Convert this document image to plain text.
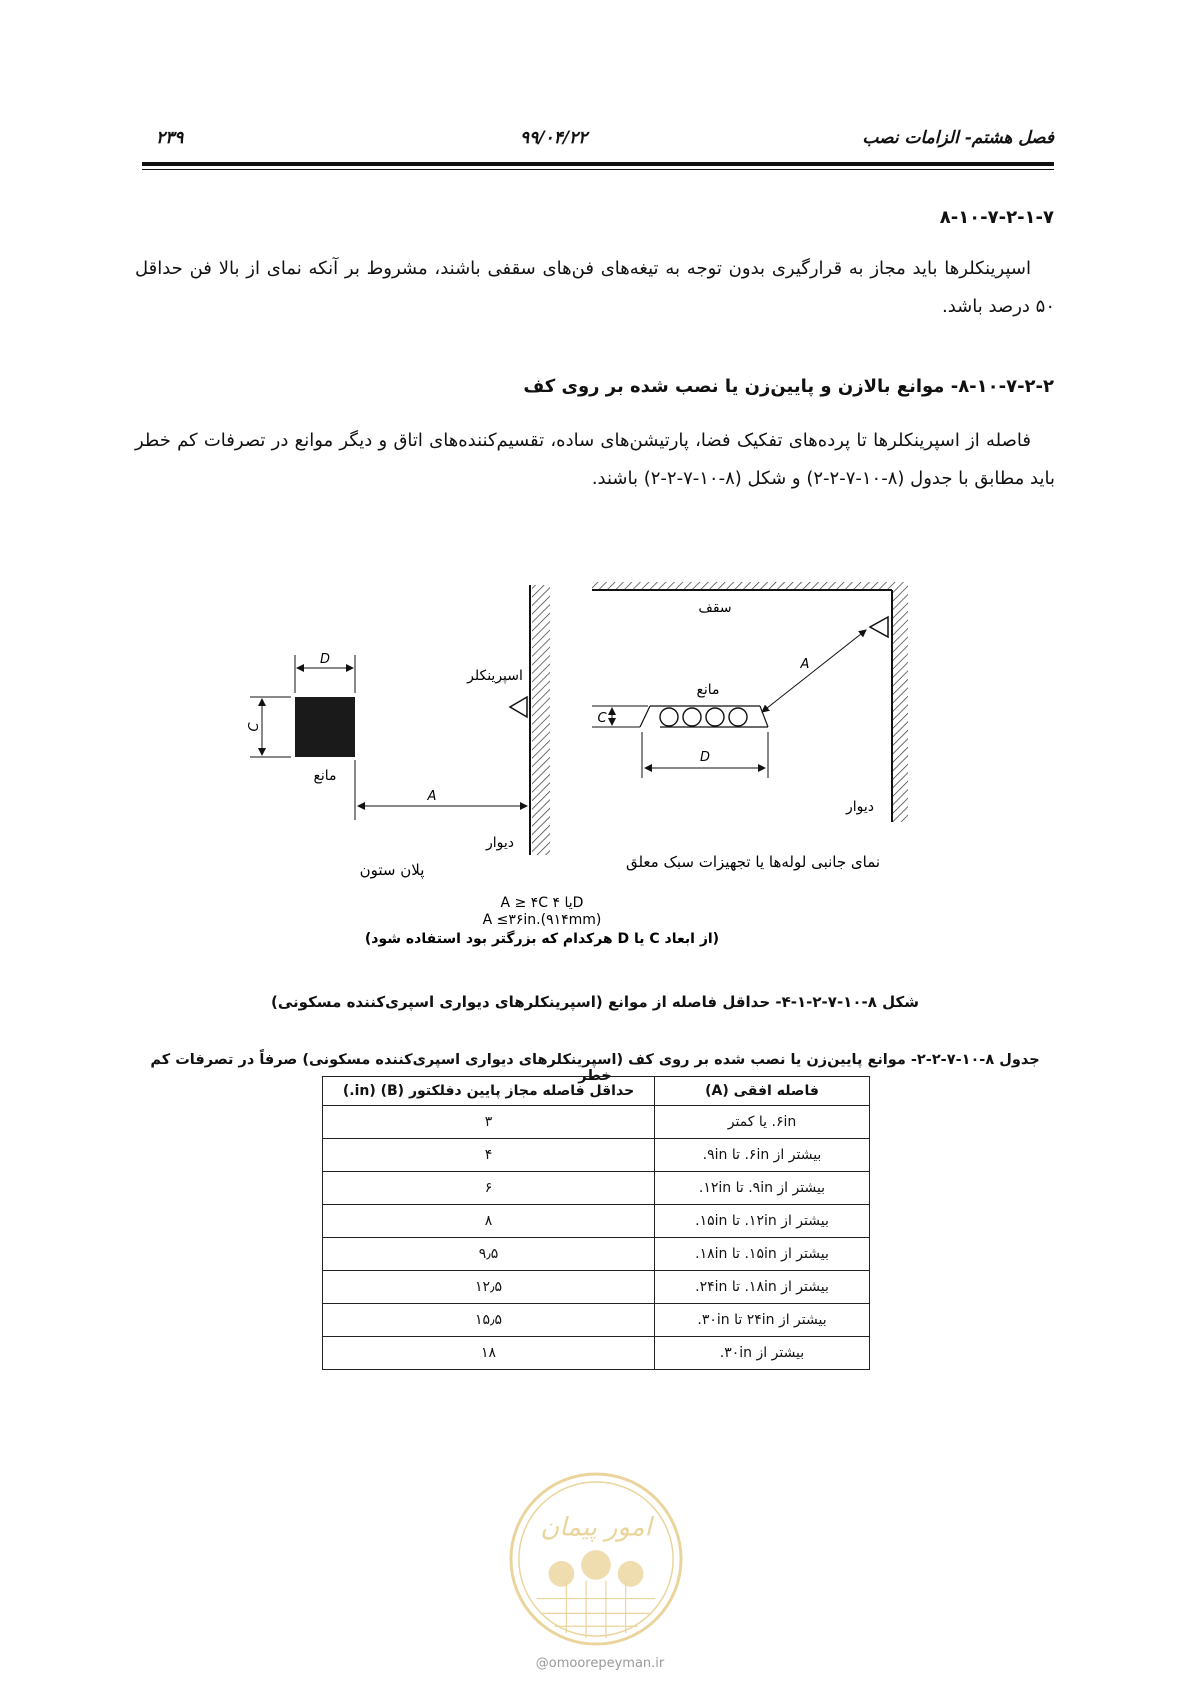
فصل هشتم- الزامات نصب
۹۹/۰۴/۲۲
۲۳۹
۸-۱۰-۷-۲-۱-۷

اسپرینکلرها باید مجاز به قرارگیری بدون توجه به تیغه‌های فن‌های سقفی باشند، مشروط بر آنکه نمای از بالا فن حداقل ۵۰ درصد باشد.

۸-۱۰-۷-۲-۲- موانع بالازن و پایین‌زن یا نصب شده بر روی کف

فاصله از اسپرینکلرها تا پرده‌های تفکیک فضا، پارتیشن‌های ساده، تقسیم‌کننده‌های اتاق و دیگر موانع در تصرفات کم خطر باید مطابق با جدول (۸-۱۰-۷-۲-۲) و شکل (۸-۱۰-۷-۲-۲) باشند.

D
C
مانع
A
اسپرینکلر
دیوار
پلان ستون
سقف
A
مانع
C
D
دیوار
نمای جانبی لوله‌ها یا تجهیزات سبک معلق
A ≥ ۴C یا ۴D
A ≤۳۶in.(۹۱۴mm)
(از ابعاد C یا D هرکدام که بزرگتر بود استفاده شود)
شکل ۸-۱۰-۷-۲-۱-۴- حداقل فاصله از موانع (اسپرینکلرهای دیواری اسپری‌کننده مسکونی)
جدول ۸-۱۰-۷-۲-۲- موانع پایین‌زن یا نصب شده بر روی کف (اسپرینکلرهای دیواری اسپری‌کننده مسکونی) صرفاً در تصرفات کم خطر
فاصله افقی (A)	حداقل فاصله مجاز پایین دفلکتور (B) (in.)
۶in. یا کمتر	۳
بیشتر از ۶in. تا ۹in.	۴
بیشتر از ۹in. تا ۱۲in.	۶
بیشتر از ۱۲in. تا ۱۵in.	۸
بیشتر از ۱۵in. تا ۱۸in.	۹٫۵
بیشتر از ۱۸in. تا ۲۴in.	۱۲٫۵
بیشتر از ۲۴in تا ۳۰in.	۱۵٫۵
بیشتر از ۳۰in.	۱۸
امور پیمان
@omoorepeyman.ir
